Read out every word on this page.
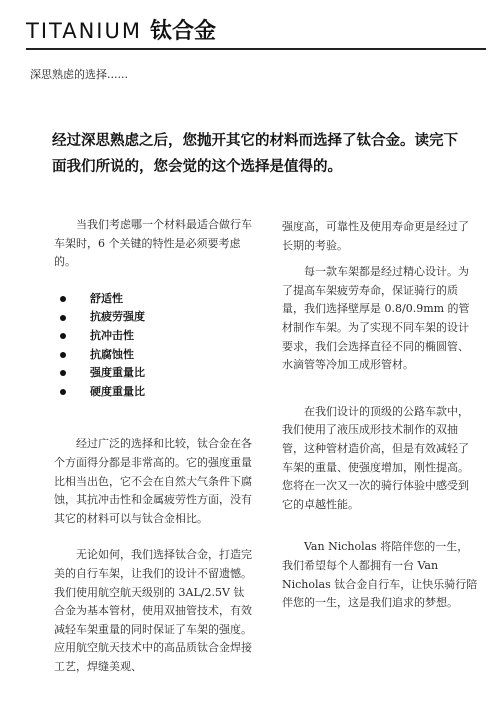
TITANIUM 钛合金
深思熟虑的选择......
经过深思熟虑之后，您抛开其它的材料而选择了钛合金。读完下面我们所说的，您会觉的这个选择是值得的。

当我们考虑哪一个材料最适合做行车车架时，6 个关键的特性是必须要考虑的。

舒适性
抗疲劳强度
抗冲击性
抗腐蚀性
强度重量比
硬度重量比

经过广泛的选择和比较，钛合金在各个方面得分都是非常高的。它的强度重量比相当出色，它不会在自然大气条件下腐蚀，其抗冲击性和金属疲劳性方面，没有其它的材料可以与钛合金相比。

无论如何，我们选择钛合金，打造完美的自行车架，让我们的设计不留遗憾。我们使用航空航天级别的 3AL/2.5V 钛合金为基本管材，使用双抽管技术，有效减轻车架重量的同时保证了车架的强度。应用航空航天技术中的高品质钛合金焊接工艺，焊缝美观、

强度高，可靠性及使用寿命更是经过了长期的考验。

每一款车架都是经过精心设计。为了提高车架疲劳寿命，保证骑行的质量，我们选择壁厚是 0.8/0.9mm 的管材制作车架。为了实现不同车架的设计要求，我们会选择直径不同的椭圆管、水滴管等冷加工成形管材。

在我们设计的顶级的公路车款中，我们使用了液压成形技术制作的双抽管，这种管材造价高，但是有效减轻了车架的重量、使强度增加，刚性提高。您将在一次又一次的骑行体验中感受到它的卓越性能。

Van Nicholas 将陪伴您的一生，我们希望每个人都拥有一台 Van Nicholas 钛合金自行车，让快乐骑行陪伴您的一生，这是我们追求的梦想。
